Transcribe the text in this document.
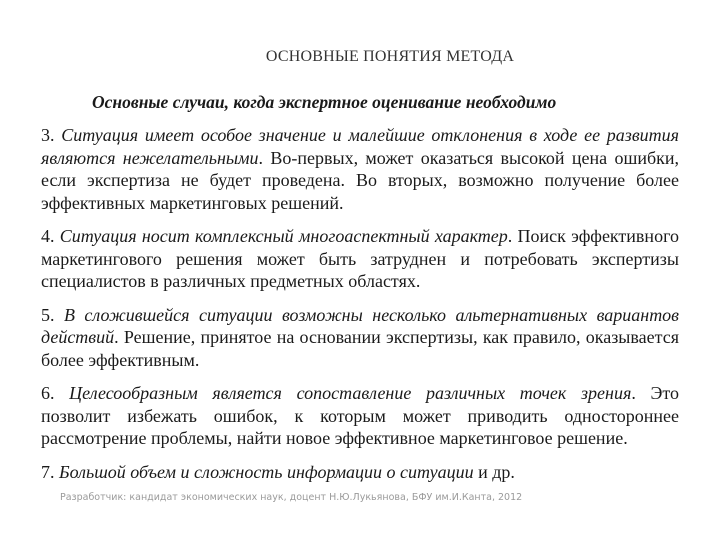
ОСНОВНЫЕ ПОНЯТИЯ МЕТОДА
Основные случаи, когда экспертное оценивание необходимо

3. Ситуация имеет особое значение и малейшие отклонения в ходе ее развития являются нежелательными. Во-первых, может оказаться высокой цена ошибки, если экспертиза не будет проведена. Во вторых, возможно получение более эффективных маркетинговых решений.

4. Ситуация носит комплексный многоаспектный характер. Поиск эффективного маркетингового решения может быть затруднен и потребовать экспертизы специалистов в различных предметных областях.

5. В сложившейся ситуации возможны несколько альтернативных вариантов действий. Решение, принятое на основании экспертизы, как правило, оказывается более эффективным.

6. Целесообразным является сопоставление различных точек зрения. Это позволит избежать ошибок, к которым может приводить одностороннее рассмотрение проблемы, найти новое эффективное маркетинговое решение.

7. Большой объем и сложность информации о ситуации и др.

Разработчик: кандидат экономических наук, доцент Н.Ю.Лукьянова, БФУ им.И.Канта, 2012
